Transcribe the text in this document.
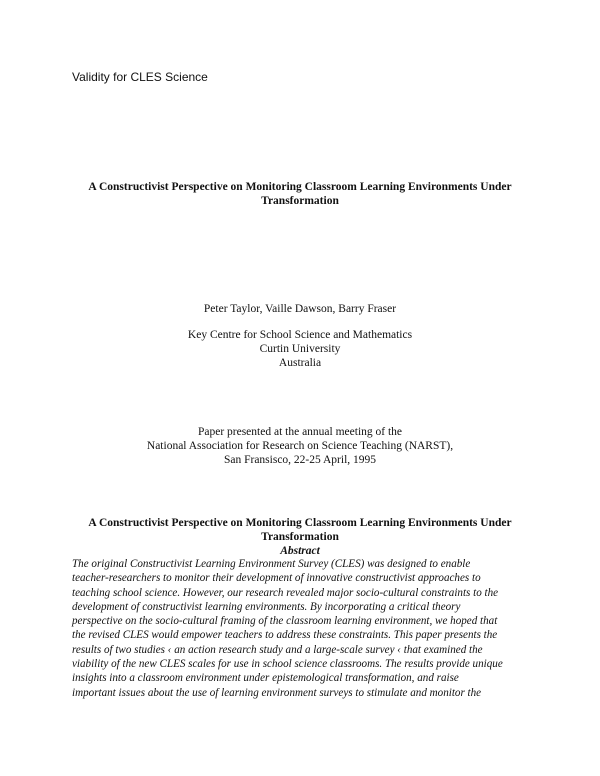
Validity for CLES Science

A Constructivist Perspective on Monitoring Classroom Learning Environments Under
Transformation

Peter Taylor, Vaille Dawson, Barry Fraser

Key Centre for School Science and Mathematics
Curtin University
Australia

Paper presented at the annual meeting of the
National Association for Research on Science Teaching (NARST),
San Fransisco, 22-25 April, 1995

A Constructivist Perspective on Monitoring Classroom Learning Environments Under
Transformation
Abstract

The original Constructivist Learning Environment Survey (CLES) was designed to enable
teacher-researchers to monitor their development of innovative constructivist approaches to
teaching school science. However, our research revealed major socio-cultural constraints to the
development of constructivist learning environments. By incorporating a critical theory
perspective on the socio-cultural framing of the classroom learning environment, we hoped that
the revised CLES would empower teachers to address these constraints. This paper presents the
results of two studies ‹ an action research study and a large-scale survey ‹ that examined the
viability of the new CLES scales for use in school science classrooms. The results provide unique
insights into a classroom environment under epistemological transformation, and raise
important issues about the use of learning environment surveys to stimulate and monitor the
